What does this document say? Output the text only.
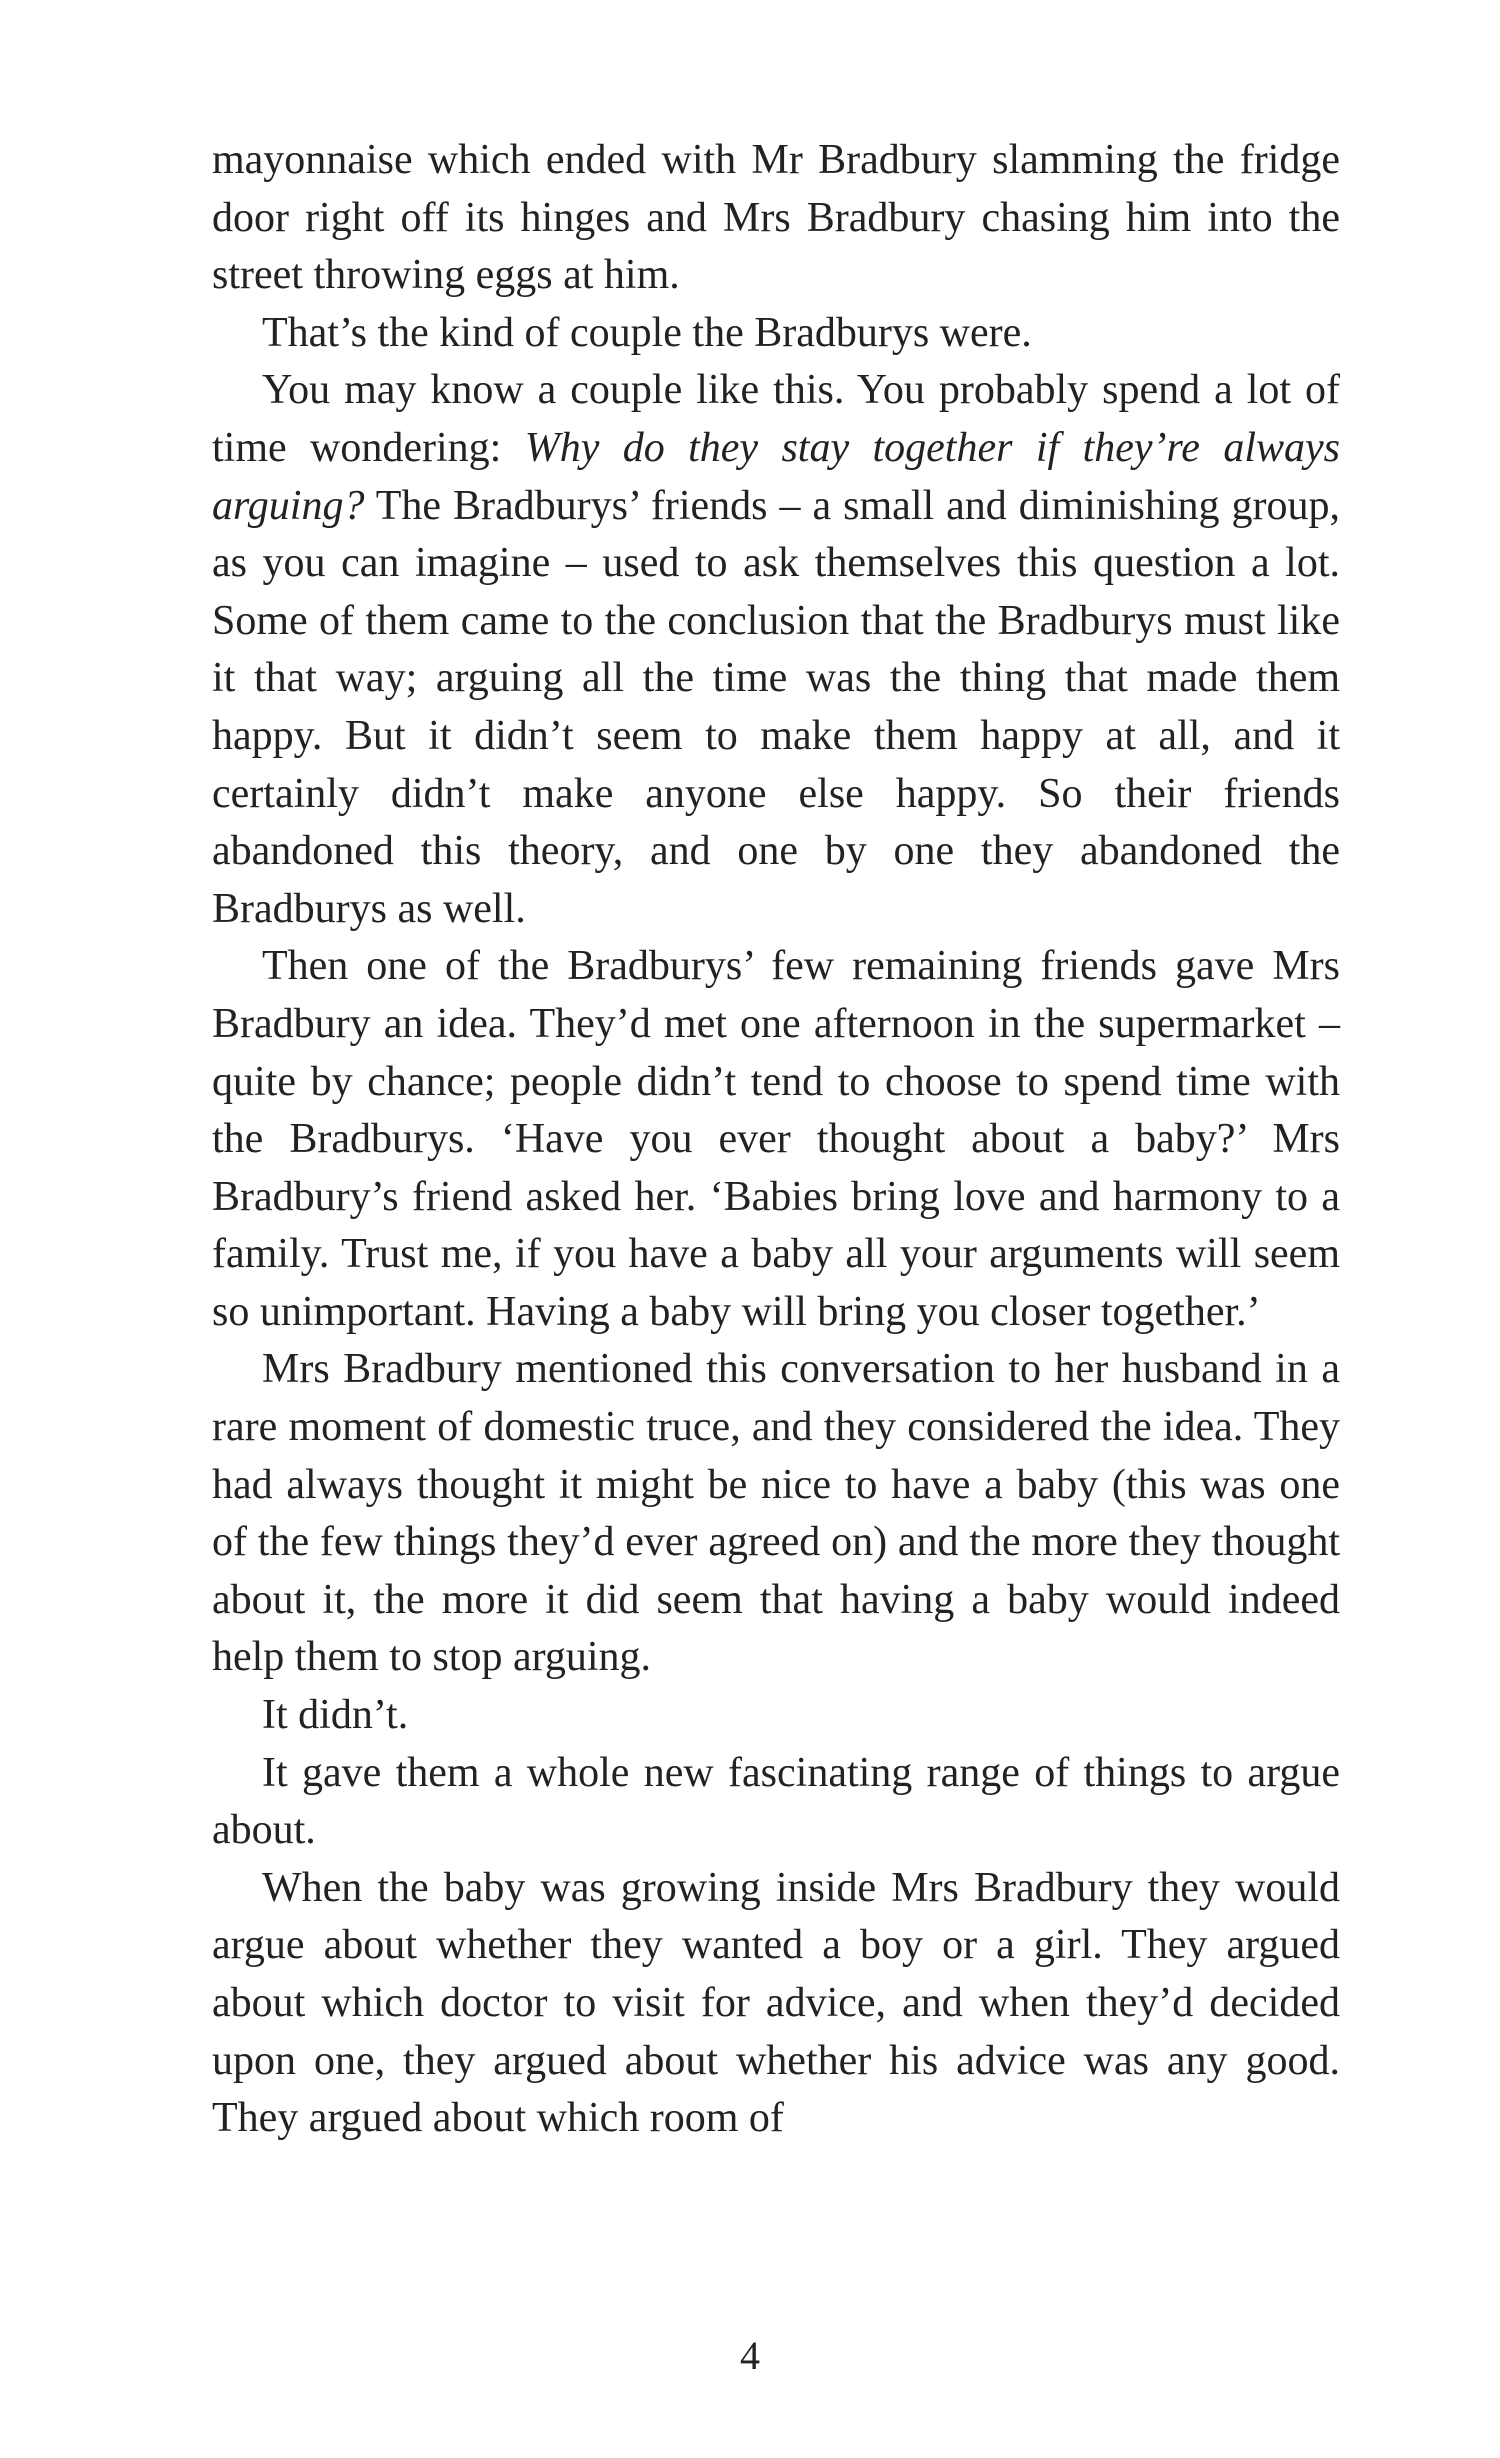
mayonnaise which ended with Mr Bradbury slamming the fridge door right off its hinges and Mrs Bradbury chasing him into the street throwing eggs at him.

That’s the kind of couple the Bradburys were.

You may know a couple like this. You probably spend a lot of time wondering: Why do they stay together if they’re always arguing? The Bradburys’ friends – a small and diminishing group, as you can imagine – used to ask themselves this question a lot. Some of them came to the conclusion that the Bradburys must like it that way; arguing all the time was the thing that made them happy. But it didn’t seem to make them happy at all, and it certainly didn’t make anyone else happy. So their friends abandoned this theory, and one by one they abandoned the Bradburys as well.

Then one of the Bradburys’ few remaining friends gave Mrs Bradbury an idea. They’d met one afternoon in the supermarket – quite by chance; people didn’t tend to choose to spend time with the Bradburys. ‘Have you ever thought about a baby?’ Mrs Bradbury’s friend asked her. ‘Babies bring love and harmony to a family. Trust me, if you have a baby all your arguments will seem so unimportant. Having a baby will bring you closer together.’

Mrs Bradbury mentioned this conversation to her husband in a rare moment of domestic truce, and they considered the idea. They had always thought it might be nice to have a baby (this was one of the few things they’d ever agreed on) and the more they thought about it, the more it did seem that having a baby would indeed help them to stop arguing.

It didn’t.

It gave them a whole new fascinating range of things to argue about.

When the baby was growing inside Mrs Bradbury they would argue about whether they wanted a boy or a girl. They argued about which doctor to visit for advice, and when they’d decided upon one, they argued about whether his advice was any good. They argued about which room of

4
